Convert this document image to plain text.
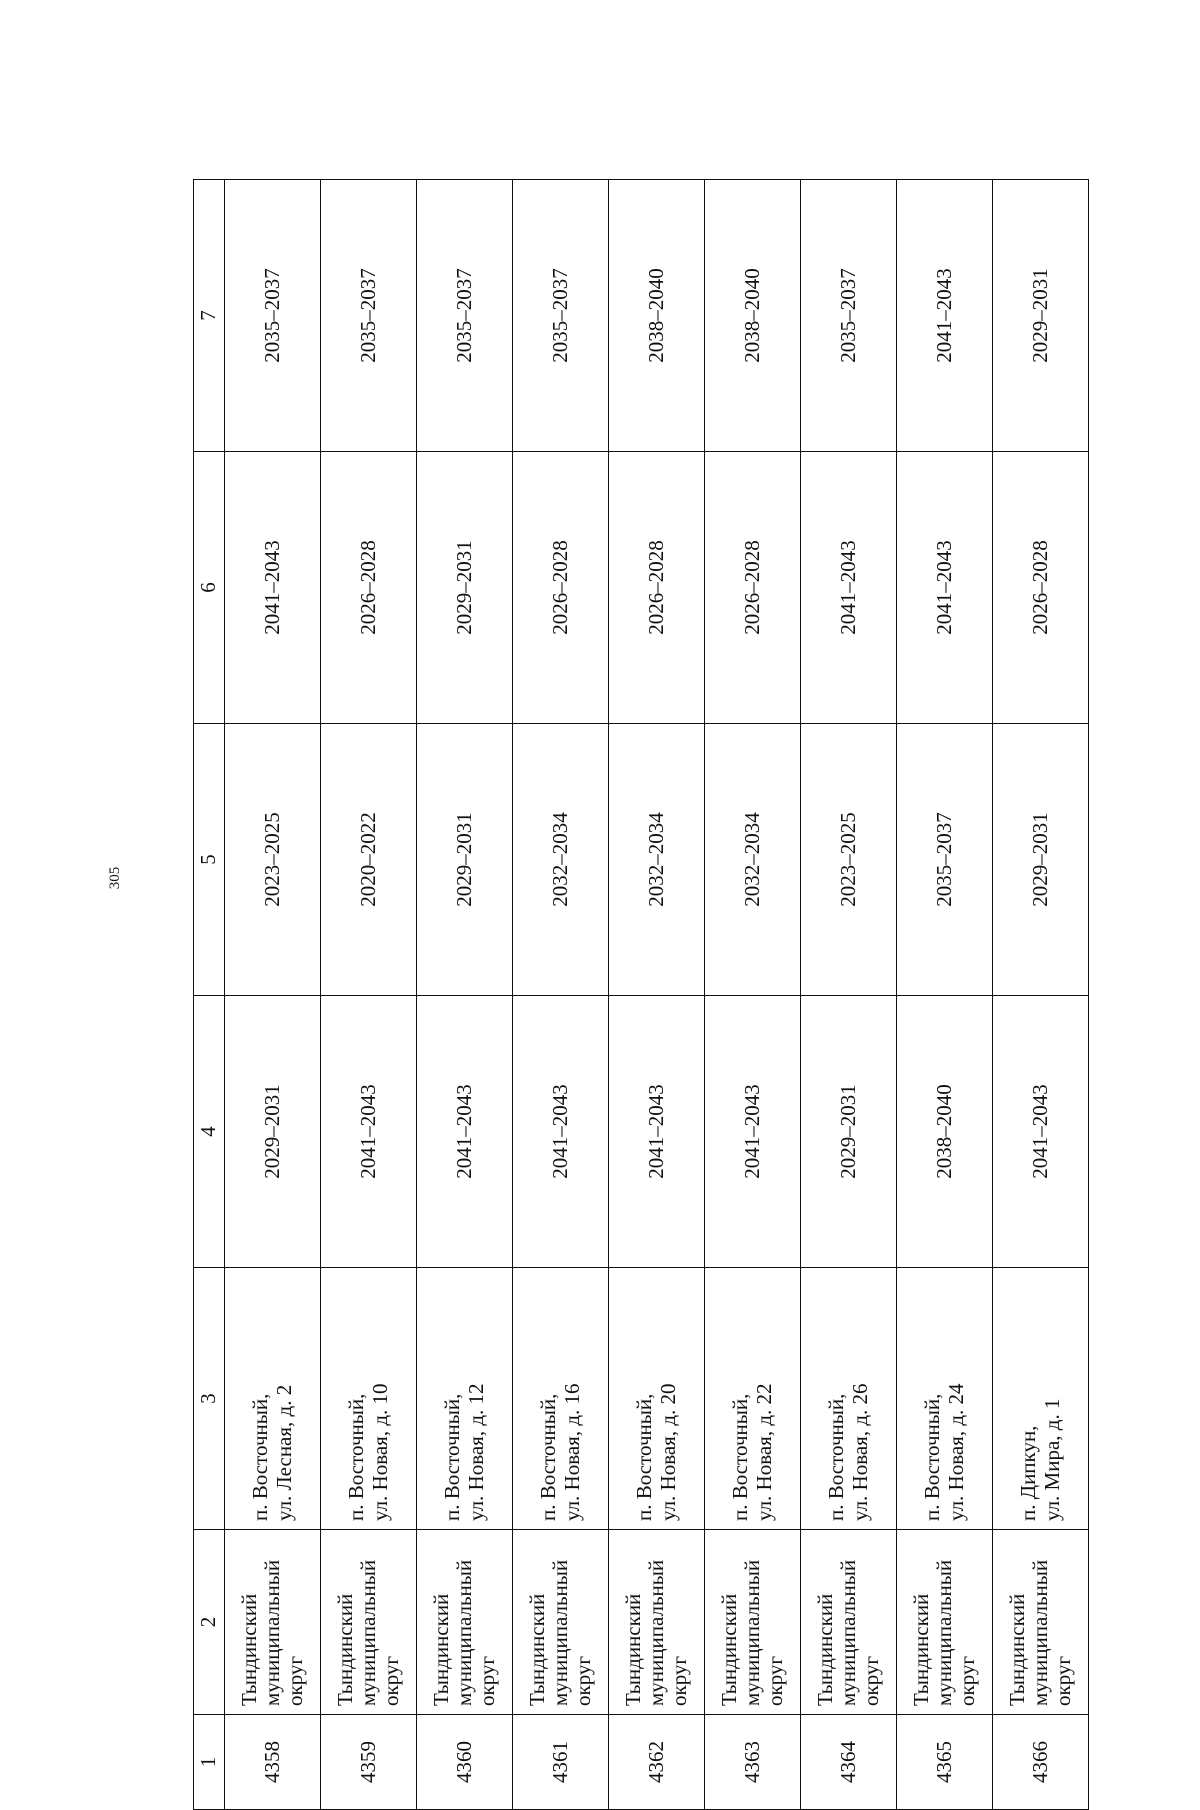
305
1	2	3	4	5	6	7
4358	Тындинский муниципальный округ	п. Восточный, ул. Лесная, д. 2	2029–2031	2023–2025	2041–2043	2035–2037
4359	Тындинский муниципальный округ	п. Восточный, ул. Новая, д. 10	2041–2043	2020–2022	2026–2028	2035–2037
4360	Тындинский муниципальный округ	п. Восточный, ул. Новая, д. 12	2041–2043	2029–2031	2029–2031	2035–2037
4361	Тындинский муниципальный округ	п. Восточный, ул. Новая, д. 16	2041–2043	2032–2034	2026–2028	2035–2037
4362	Тындинский муниципальный округ	п. Восточный, ул. Новая, д. 20	2041–2043	2032–2034	2026–2028	2038–2040
4363	Тындинский муниципальный округ	п. Восточный, ул. Новая, д. 22	2041–2043	2032–2034	2026–2028	2038–2040
4364	Тындинский муниципальный округ	п. Восточный, ул. Новая, д. 26	2029–2031	2023–2025	2041–2043	2035–2037
4365	Тындинский муниципальный округ	п. Восточный, ул. Новая, д. 24	2038–2040	2035–2037	2041–2043	2041–2043
4366	Тындинский муниципальный округ	п. Дипкун, ул. Мира, д. 1	2041–2043	2029–2031	2026–2028	2029–2031
